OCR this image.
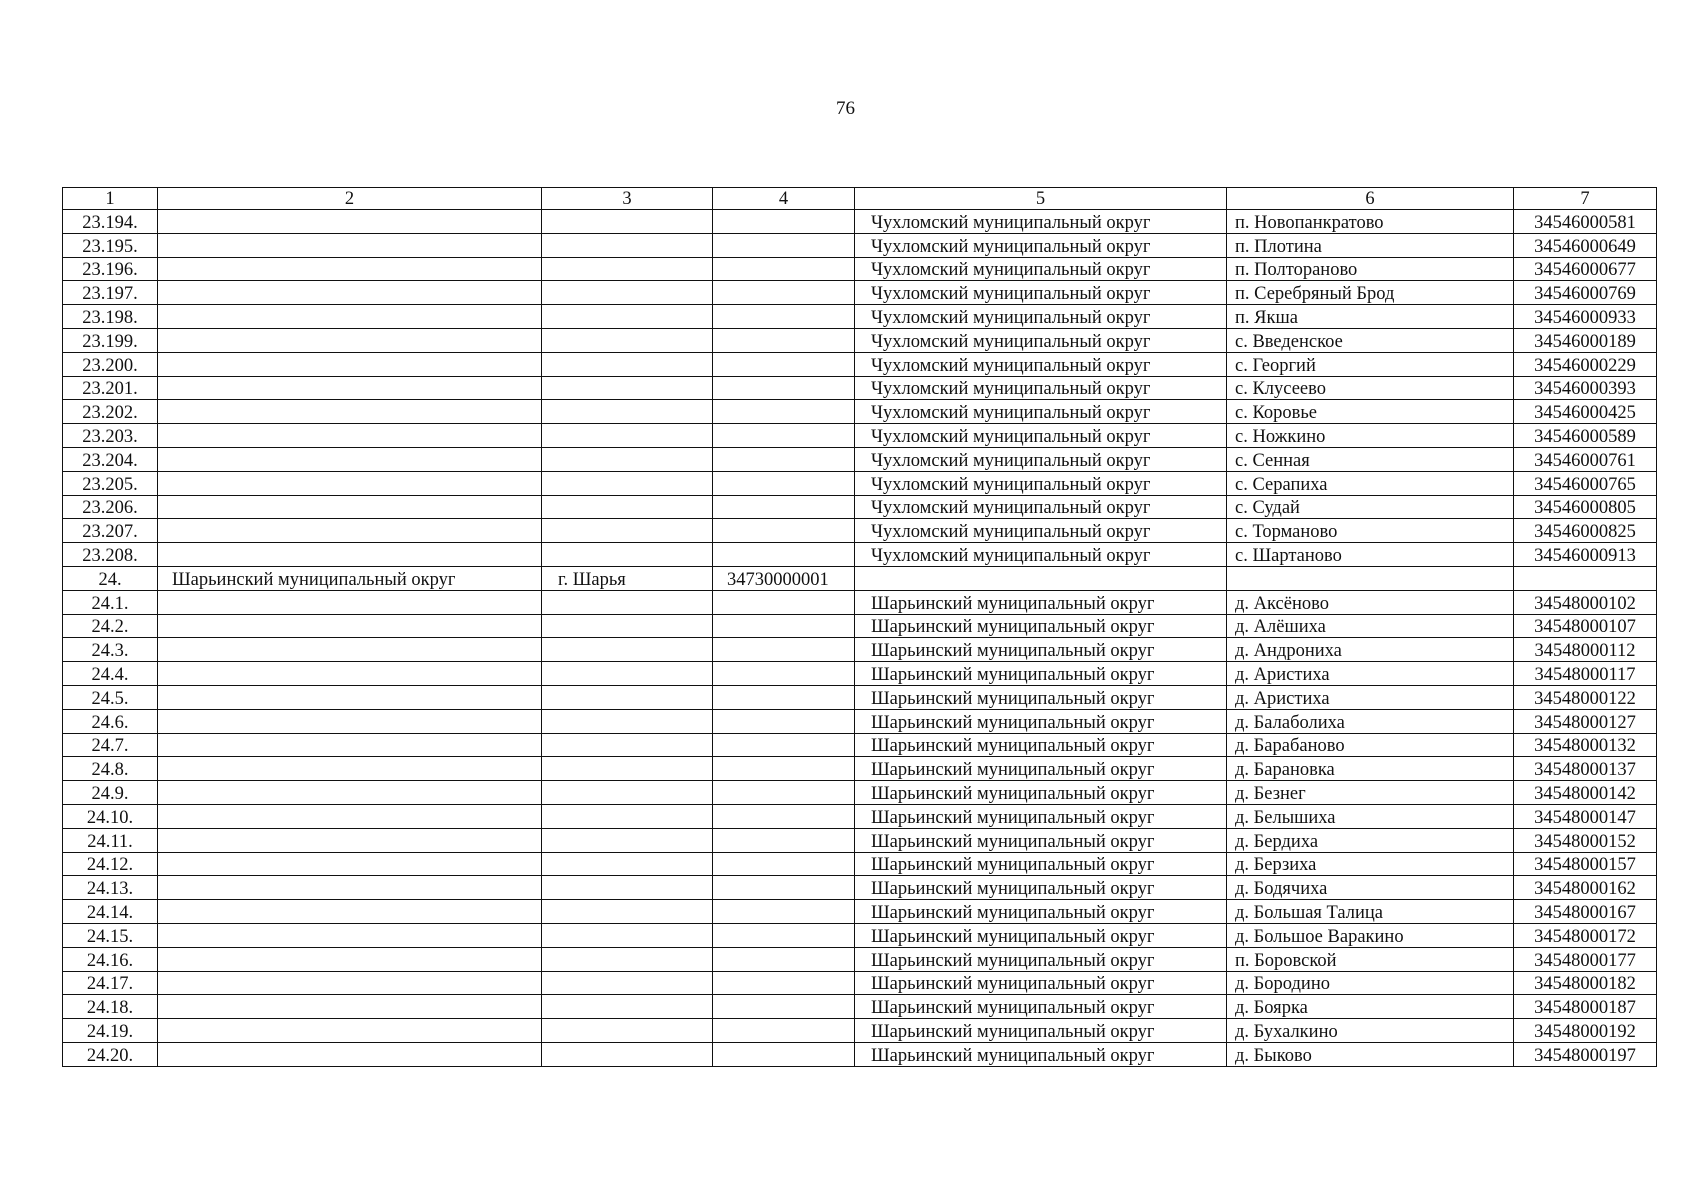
76
1	2	3	4	5	6	7
23.194.				Чухломский муниципальный округ	п. Новопанкратово	34546000581
23.195.				Чухломский муниципальный округ	п. Плотина	34546000649
23.196.				Чухломский муниципальный округ	п. Полтораново	34546000677
23.197.				Чухломский муниципальный округ	п. Серебряный Брод	34546000769
23.198.				Чухломский муниципальный округ	п. Якша	34546000933
23.199.				Чухломский муниципальный округ	с. Введенское	34546000189
23.200.				Чухломский муниципальный округ	с. Георгий	34546000229
23.201.				Чухломский муниципальный округ	с. Клусеево	34546000393
23.202.				Чухломский муниципальный округ	с. Коровье	34546000425
23.203.				Чухломский муниципальный округ	с. Ножкино	34546000589
23.204.				Чухломский муниципальный округ	с. Сенная	34546000761
23.205.				Чухломский муниципальный округ	с. Серапиха	34546000765
23.206.				Чухломский муниципальный округ	с. Судай	34546000805
23.207.				Чухломский муниципальный округ	с. Торманово	34546000825
23.208.				Чухломский муниципальный округ	с. Шартаново	34546000913
24.	Шарьинский муниципальный округ	г. Шарья	34730000001			
24.1.				Шарьинский муниципальный округ	д. Аксёново	34548000102
24.2.				Шарьинский муниципальный округ	д. Алёшиха	34548000107
24.3.				Шарьинский муниципальный округ	д. Андрониха	34548000112
24.4.				Шарьинский муниципальный округ	д. Аристиха	34548000117
24.5.				Шарьинский муниципальный округ	д. Аристиха	34548000122
24.6.				Шарьинский муниципальный округ	д. Балаболиха	34548000127
24.7.				Шарьинский муниципальный округ	д. Барабаново	34548000132
24.8.				Шарьинский муниципальный округ	д. Барановка	34548000137
24.9.				Шарьинский муниципальный округ	д. Безнег	34548000142
24.10.				Шарьинский муниципальный округ	д. Белышиха	34548000147
24.11.				Шарьинский муниципальный округ	д. Бердиха	34548000152
24.12.				Шарьинский муниципальный округ	д. Берзиха	34548000157
24.13.				Шарьинский муниципальный округ	д. Бодячиха	34548000162
24.14.				Шарьинский муниципальный округ	д. Большая Талица	34548000167
24.15.				Шарьинский муниципальный округ	д. Большое Варакино	34548000172
24.16.				Шарьинский муниципальный округ	п. Боровской	34548000177
24.17.				Шарьинский муниципальный округ	д. Бородино	34548000182
24.18.				Шарьинский муниципальный округ	д. Боярка	34548000187
24.19.				Шарьинский муниципальный округ	д. Бухалкино	34548000192
24.20.				Шарьинский муниципальный округ	д. Быково	34548000197
